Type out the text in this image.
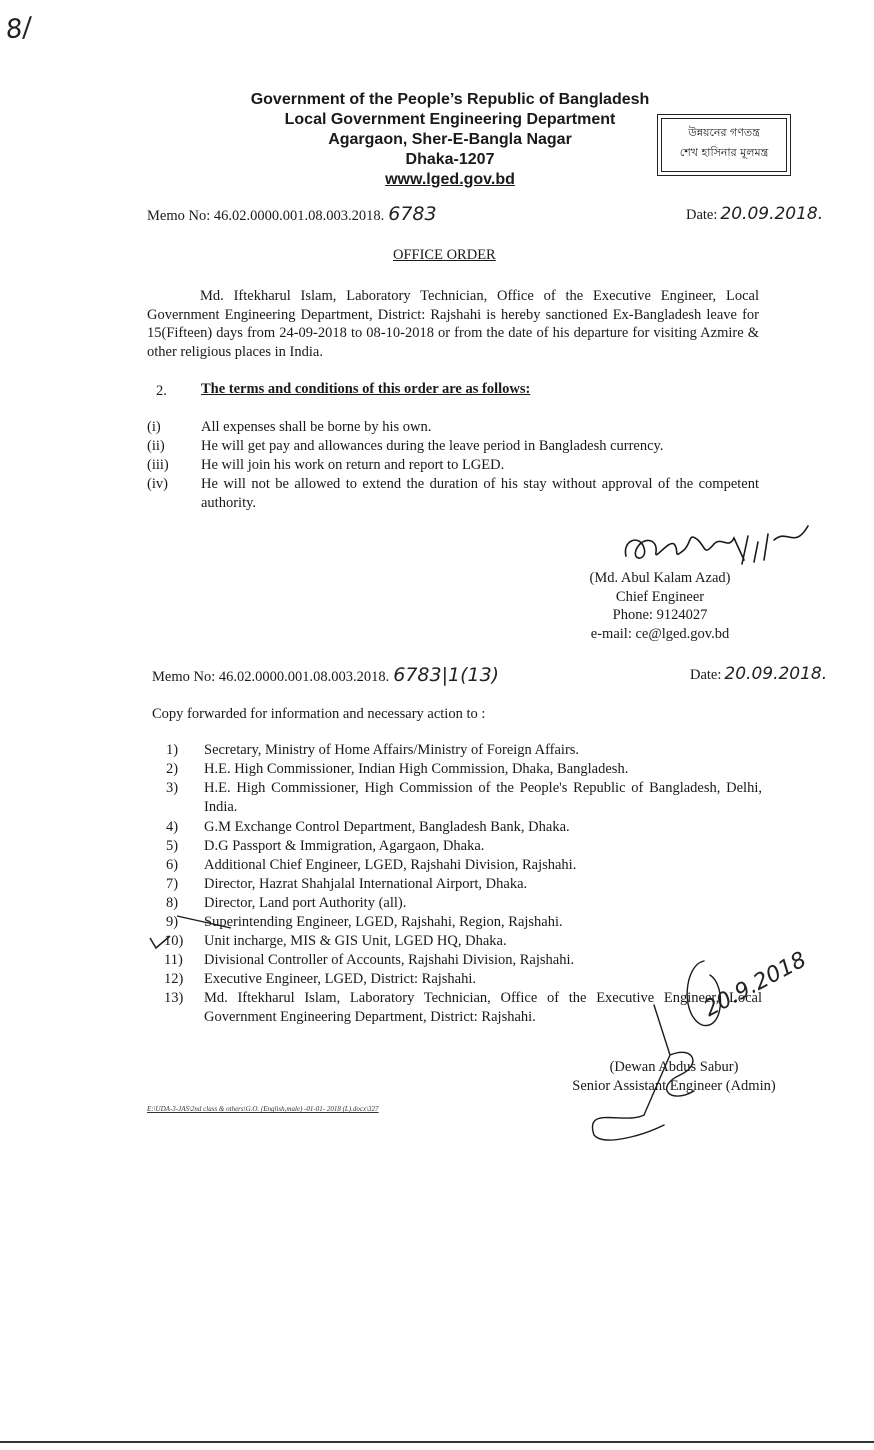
8/
Government of the People’s Republic of Bangladesh
Local Government Engineering Department
Agargaon, Sher-E-Bangla Nagar
Dhaka-1207
www.lged.gov.bd
উন্নয়নের গণতন্ত্র
শেখ হাসিনার মূলমন্ত্র
Memo No: 46.02.0000.001.08.003.2018. 6783	Date: 20.09.2018.
OFFICE ORDER
Md. Iftekharul Islam, Laboratory Technician, Office of the Executive Engineer, Local Government Engineering Department, District: Rajshahi is hereby sanctioned Ex-Bangladesh leave for 15(Fifteen) days from 24-09-2018 to 08-10-2018 or from the date of his departure for visiting Azmire & other religious places in India.
2. The terms and conditions of this order are as follows:
(i)	All expenses shall be borne by his own.
(ii)	He will get pay and allowances during the leave period in Bangladesh currency.
(iii)	He will join his work on return and report to LGED.
(iv)	He will not be allowed to extend the duration of his stay without approval of the competent authority.
(Md. Abul Kalam Azad)
Chief Engineer
Phone: 9124027
e-mail: ce@lged.gov.bd
Memo No: 46.02.0000.001.08.003.2018. 6783|1(13)	Date: 20.09.2018.
Copy forwarded for information and necessary action to :
1)	Secretary, Ministry of Home Affairs/Ministry of Foreign Affairs.
2)	H.E. High Commissioner, Indian High Commission, Dhaka, Bangladesh.
3)	H.E. High Commissioner, High Commission of the People's Republic of Bangladesh, Delhi, India.
4)	G.M Exchange Control Department, Bangladesh Bank, Dhaka.
5)	D.G Passport & Immigration, Agargaon, Dhaka.
6)	Additional Chief Engineer, LGED, Rajshahi Division, Rajshahi.
7)	Director, Hazrat Shahjalal International Airport, Dhaka.
8)	Director, Land port Authority (all).
9)	Superintending Engineer, LGED, Rajshahi, Region, Rajshahi.
10)	Unit incharge, MIS & GIS Unit, LGED HQ, Dhaka.
11)	Divisional Controller of Accounts, Rajshahi Division, Rajshahi.
12)	Executive Engineer, LGED, District: Rajshahi.
13)	Md. Iftekharul Islam, Laboratory Technician, Office of the Executive Engineer, Local Government Engineering Department, District: Rajshahi.	20.9.2018
(Dewan Abdus Sabur)
Senior Assistant Engineer (Admin)
E:\UDA-3-JAS\2nd class & others\G.O. (English,male) -01-01- 2018 (L).docx\327
